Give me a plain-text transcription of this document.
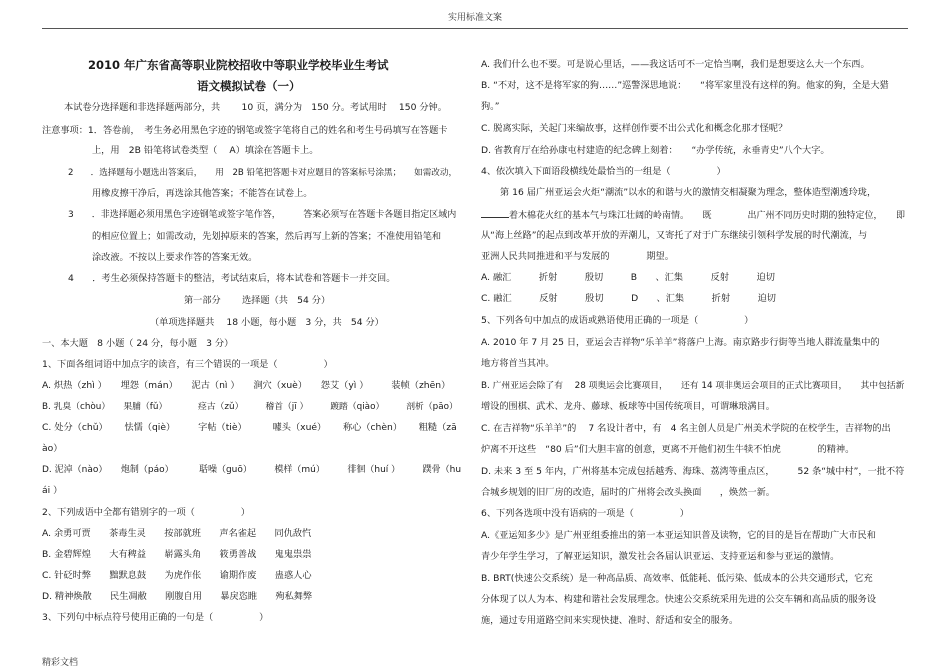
实用标准文案
2010 年广东省高等职业院校招收中等职业学校毕业生考试
语文模拟试卷（一）
本试卷分选择题和非选择题两部分，共　　 10 页，满分为　150 分。考试用时　 150 分钟。
注意事项：1．答卷前，　考生务必用黑色字迹的钢笔或签字笔将自己的姓名和考生号码填写在答题卡
上，用　2B 铅笔将试卷类型（　 A）填涂在答题卡上。
2　　．选择题每小题选出答案后，　　用　2B 铅笔把答题卡对应题目的答案标号涂黑；　　如需改动，
用橡皮擦干净后，再选涂其他答案；不能答在试卷上。
3　　．非选择题必须用黑色字迹钢笔或签字笔作答，　　　答案必须写在答题卡各题目指定区域内
的相应位置上；如需改动，先划掉原来的答案，然后再写上新的答案；不准使用铅笔和
涂改液。不按以上要求作答的答案无效。
4　　．考生必须保持答题卡的整洁，考试结束后，将本试卷和答题卡一并交回。
第一部分　　 选择题（共　54 分）
（单项选择题共　 18 小题，每小题　3 分，共　54 分）
一、本大题　8 小题（ 24 分，每小题　3 分）
1、下面各组词语中加点字的读音，有三个错误的一项是（　　　　　）
A. 炽热（zhì ）　　埋怨（mán）　　泥古（nì ）　　涧穴（xuè）　　怨艾（yì ）　　　装帧（zhēn）
B. 乳臭（chòu）　　果脯（fǔ）　　　　痉古（zǔ）　　　稽首（jī ）　　　踱踏（qiào）　　　剖析（pāo）
C. 处分（chǔ）　　 怯懦（qiè）　　　字帖（tiè）　　　 噱头（xué）　　 称心（chèn）　　 粗糙（zā
ào）
D. 泥淖（nào）　　炮制（páo）　　　 聒噪（guō）　　　模样（mú）　　　徘徊（huí ）　　　蹼骨（hu
ái ）
2、下列成语中全都有错别字的一项（　　　　　）
A. 余勇可贾　　茶毒生灵　　按部就班　　声名雀起　　同仇敌忾
B. 金碧辉煌　　大有稗益　　崭露头角　　筱勇善战　　鬼鬼祟祟
C. 针砭时弊　　黜默息鼓　　为虎作伥　　谕期作废　　蛊惑人心
D. 精神焕散　　民生凋敝　　刚腹自用　　暴戾恣睢　　殉私舞弊
3、下列句中标点符号使用正确的一句是（　　　　　）
A. 我们什么也不要。可是说心里话，——我这话可不一定恰当啊，我们是想要这么大一个东西。
B. “不对，这不是将军家的狗……”巡警深思地说：　　“将军家里没有这样的狗。他家的狗，全是大猎
狗。”
C. 脱离实际，关起门来编故事，这样创作要不出公式化和概念化那才怪呢？
D. 省教育厅在给孙康屯村建造的纪念碑上刻着：　　“办学传统，永垂青史”八个大字。
4、依次填入下面语段横线处最恰当的一组是（　　　　　）
第 16 届广州亚运会火炬“潮流”以水的和谐与火的激情交相凝聚为理念，整体造型潮透玲珑，
着木棉花火红的基本气与珠江壮阔的岭南情。　　既　　　　出广州不同历史时期的独特定位，　　即
从“海上丝路”的起点到改革开放的弄潮儿，又寄托了对于广东继续引领科学发展的时代潮流，与
亚洲人民共同推进和平与发展的　　　　期望。
A. 融汇　　　折射　　　殷切　　　B　　、汇集　　　反射　　　迫切
C. 融汇　　　反射　　　殷切　　　D　　、汇集　　　折射　　　迫切
5、下列各句中加点的成语或熟语使用正确的一项是（　　　　　）
A. 2010 年 7 月 25 日，亚运会吉祥物“乐羊羊”将落户上海。南京路步行街等当地人群流量集中的
地方将首当其冲。
B. 广州亚运会除了有　 28 项奥运会比赛项目，　　还有 14 项非奥运会项目的正式比赛项目，　　其中包括新
增设的围棋、武术、龙舟、藤球、板球等中国传统项目，可谓琳琅满目。
C. 在吉祥物“乐羊羊”的　 7 名设计者中，有　4 名主创人员是广州美术学院的在校学生，吉祥物的出
炉离不开这些　“80 后”们大胆丰富的创意，更离不开他们初生牛犊不怕虎　　　　的精神。
D. 未来 3 至 5 年内，广州将基本完成包括越秀、海珠、荔湾等重点区，　　　52 条“城中村”，一批不符
合城乡规划的旧厂房的改造，届时的广州将会改头换面　　，焕然一新。
6、下列各选项中没有语病的一项是（　　　　　）
A.《亚运知多少》是广州亚组委推出的第一本亚运知识普及读物，它的目的是旨在帮助广大市民和
青少年学生学习，了解亚运知识，激发社会各届认识亚运、支持亚运和参与亚运的激情。
B. BRT(快速公交系统）是一种高品质、高效率、低能耗、低污染、低成本的公共交通形式，它充
分体现了以人为本、构建和谐社会发展理念。快速公交系统采用先进的公交车辆和高品质的服务设
施，通过专用道路空间来实现快捷、准时、舒适和安全的服务。
精彩文档
